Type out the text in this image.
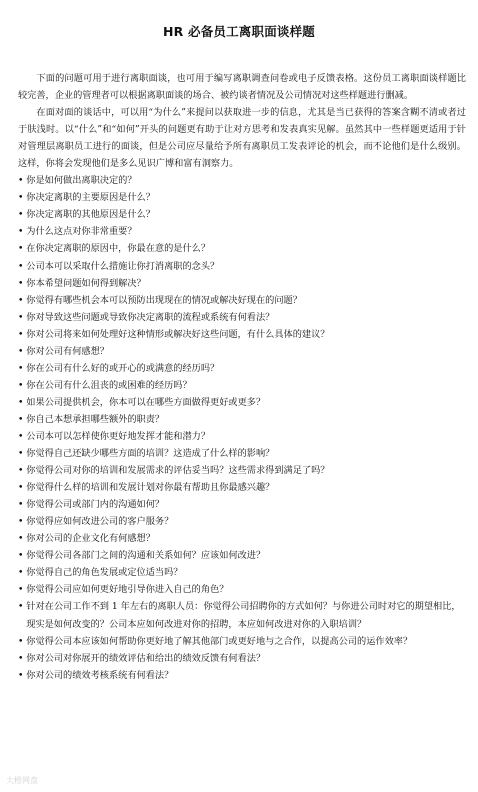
HR 必备员工离职面谈样题

下面的问题可用于进行离职面谈，也可用于编写离职调查问卷或电子反馈表格。这份员工离职面谈样题比较完善，企业的管理者可以根据离职面谈的场合、被约谈者情况及公司情况对这些样题进行删减。

在面对面的谈话中，可以用“为什么”来提问以获取进一步的信息，尤其是当已获得的答案含糊不清或者过于肤浅时。以“什么”和“如何”开头的问题更有助于让对方思考和发表真实见解。虽然其中一些样题更适用于针对管理层离职员工进行的面谈，但是公司应尽量给予所有离职员工发表评论的机会，而不论他们是什么级别。这样，你将会发现他们是多么见识广博和富有洞察力。

• 你是如何做出离职决定的？
• 你决定离职的主要原因是什么？
• 你决定离职的其他原因是什么？
• 为什么这点对你非常重要？
• 在你决定离职的原因中，你最在意的是什么？
• 公司本可以采取什么措施让你打消离职的念头？
• 你本希望问题如何得到解决？
• 你觉得有哪些机会本可以预防出现现在的情况或解决好现在的问题？
• 你对导致这些问题或导致你决定离职的流程或系统有何看法？
• 你对公司将来如何处理好这种情形或解决好这些问题，有什么具体的建议？
• 你对公司有何感想？
• 你在公司有什么好的或开心的或满意的经历吗？
• 你在公司有什么沮丧的或困难的经历吗？
• 如果公司提供机会，你本可以在哪些方面做得更好或更多？
• 你自己本想承担哪些额外的职责？
• 公司本可以怎样使你更好地发挥才能和潜力？
• 你觉得自己还缺少哪些方面的培训？这造成了什么样的影响？
• 你觉得公司对你的培训和发展需求的评估妥当吗？这些需求得到满足了吗？
• 你觉得什么样的培训和发展计划对你最有帮助且你最感兴趣？
• 你觉得公司或部门内的沟通如何？
• 你觉得应如何改进公司的客户服务？
• 你对公司的企业文化有何感想？
• 你觉得公司各部门之间的沟通和关系如何？应该如何改进？
• 你觉得自己的角色发展或定位适当吗？
• 你觉得公司应如何更好地引导你进入自己的角色？
• 针对在公司工作不到 1 年左右的离职人员：你觉得公司招聘你的方式如何？与你进公司时对它的期望相比，现实是如何改变的？公司本应如何改进对你的招聘，本应如何改进对你的入职培训？
• 你觉得公司本应该如何帮助你更好地了解其他部门或更好地与之合作，以提高公司的运作效率？
• 你对公司对你展开的绩效评估和给出的绩效反馈有何看法？
• 你对公司的绩效考核系统有何看法？
大橙网盘
